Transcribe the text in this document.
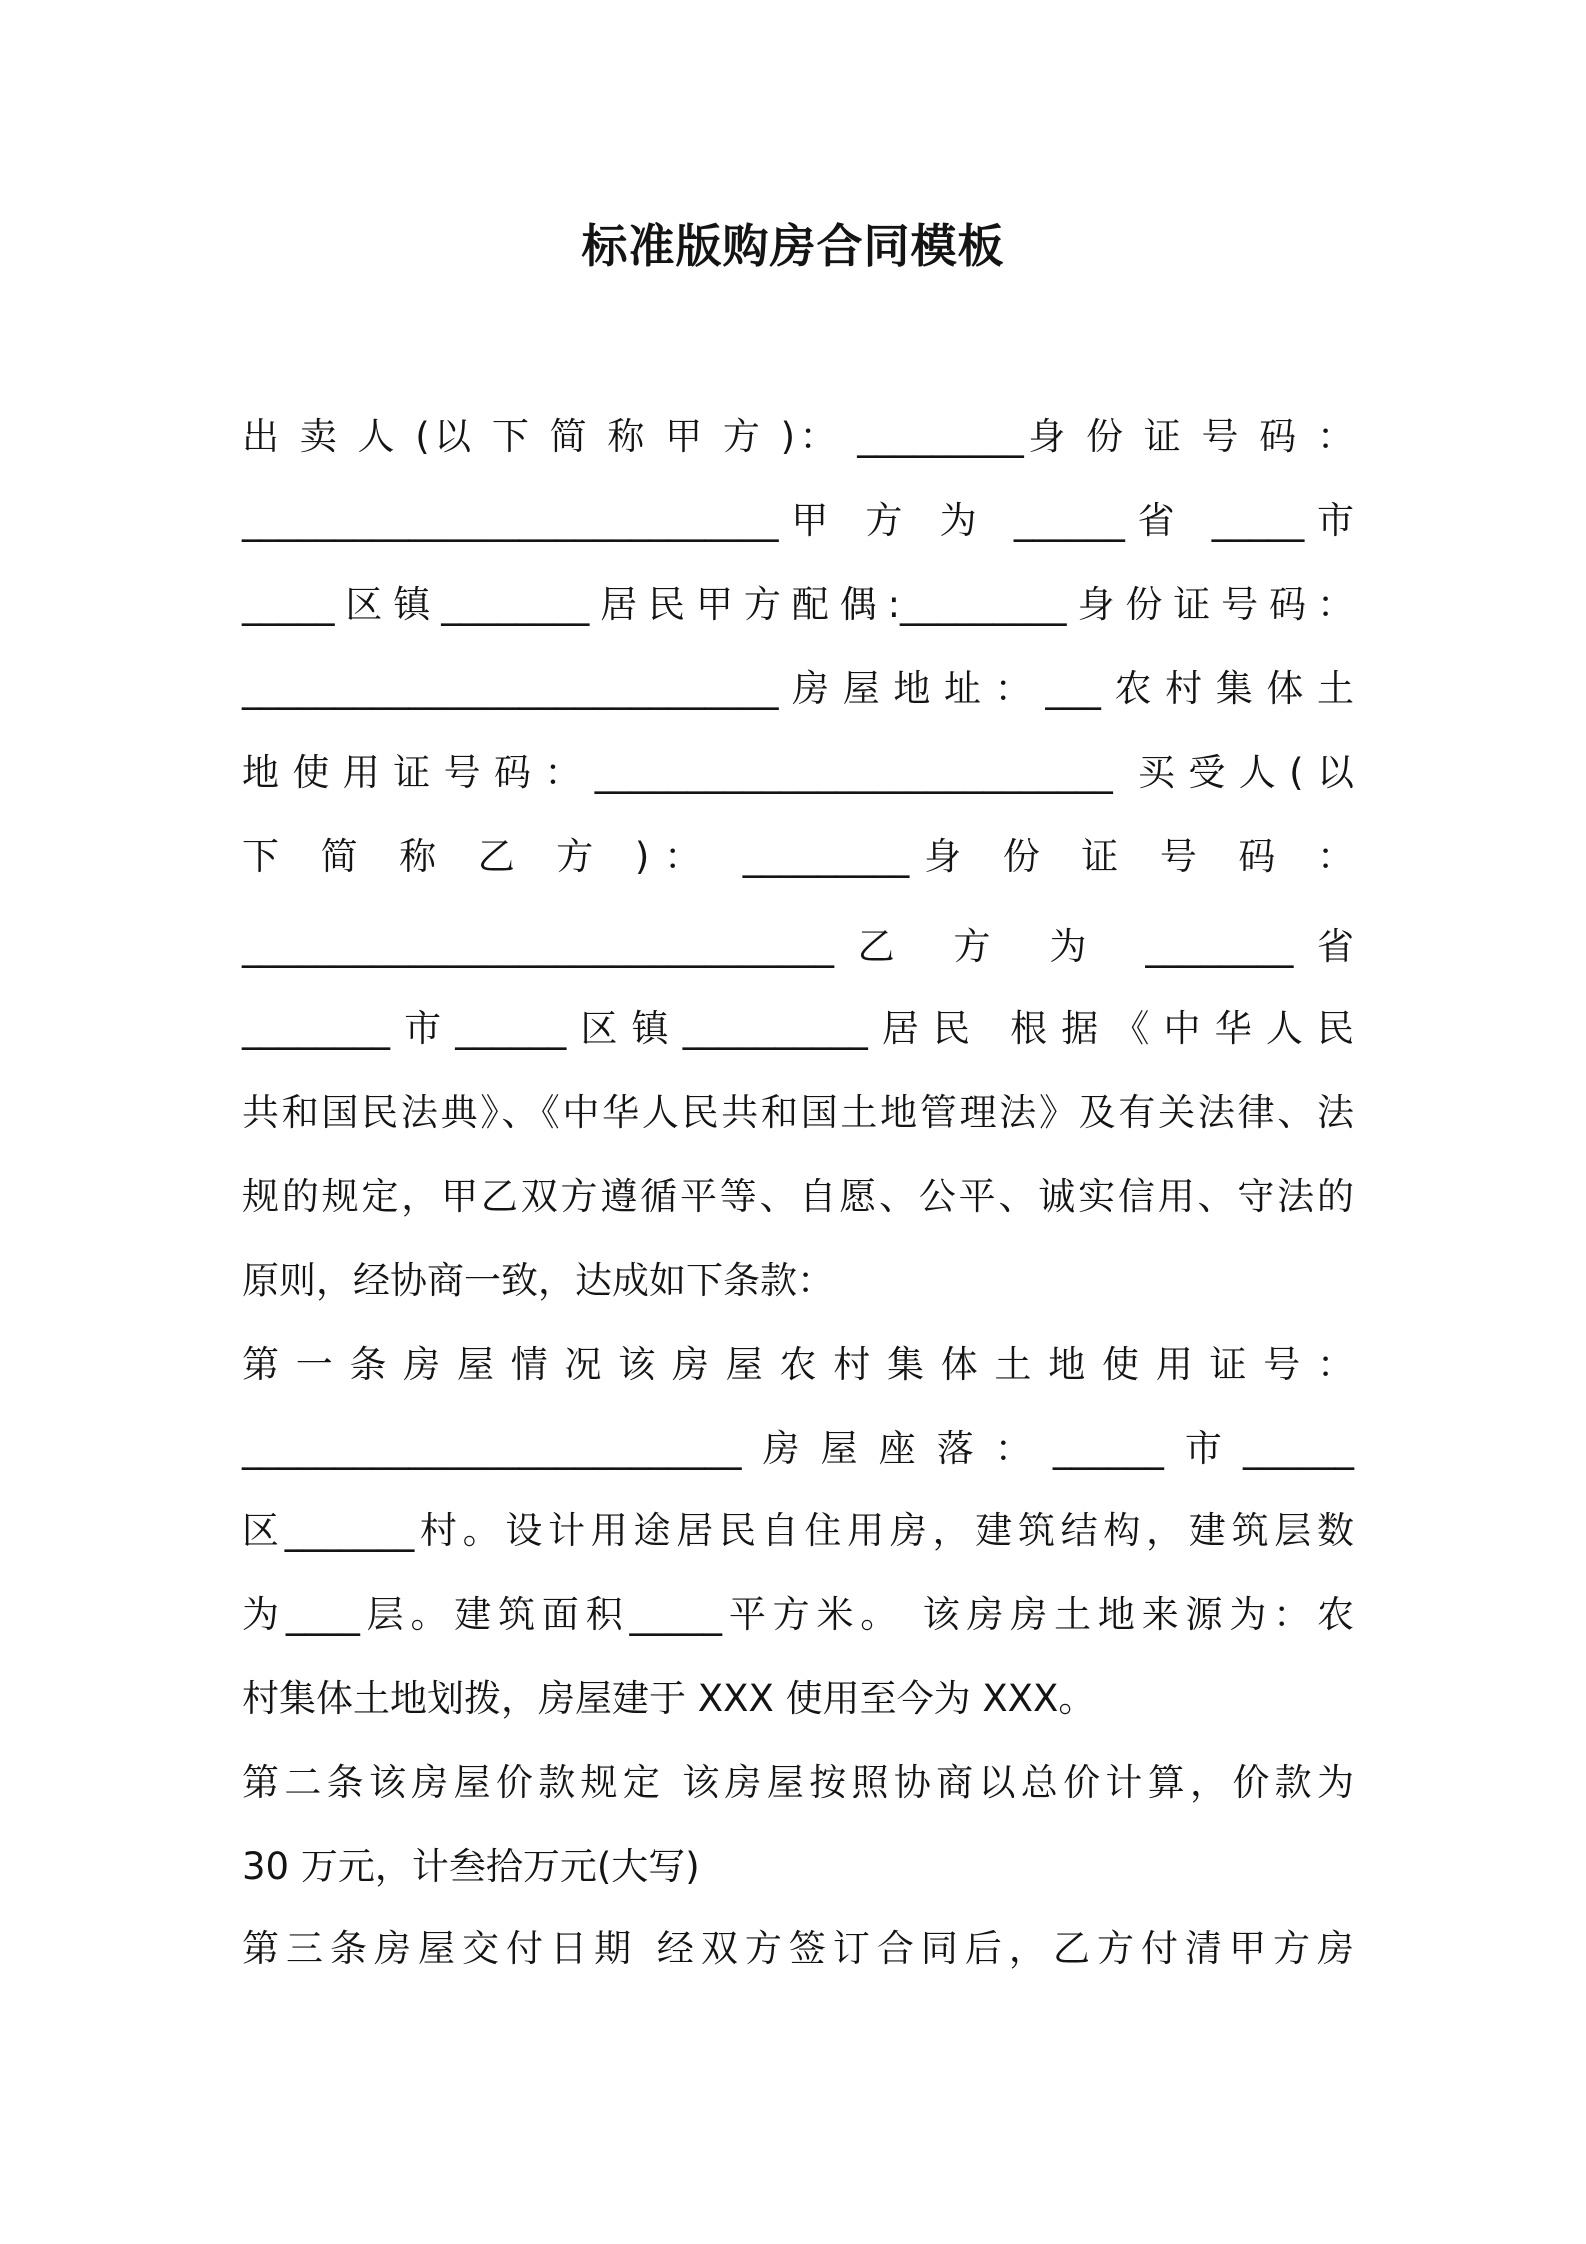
标准版购房合同模板
出 卖 人 (以 下 简 称 甲 方 )： _________身 份 证 号 码 ：
_____________________________甲 方 为 ______省 _____市
_____区镇________居民甲方配偶:_________身份证号码：
_____________________________房屋地址：___农村集体土
地使用证号码：____________________________ 买受人(以
下 简 称 乙 方 )： _________身 份 证 号 码 ：
________________________________乙 方 为 ________省
________市______区镇__________居民 根据《中华人民
共和国民法典》、《中华人民共和国土地管理法》及有关法律、法
规的规定，甲乙双方遵循平等、自愿、公平、诚实信用、守法的
原则，经协商一致，达成如下条款：
第 一 条 房 屋 情 况 该 房 屋 农 村 集 体 土 地 使 用 证 号 ：
___________________________房屋座落：______市______
区_______村。设计用途居民自住用房，建筑结构，建筑层数
为____层。建筑面积_____平方米。 该房房土地来源为：农
村集体土地划拨，房屋建于 XXX 使用至今为 XXX。
第二条该房屋价款规定 该房屋按照协商以总价计算，价款为
30 万元，计叁拾万元(大写)
第三条房屋交付日期 经双方签订合同后，乙方付清甲方房
